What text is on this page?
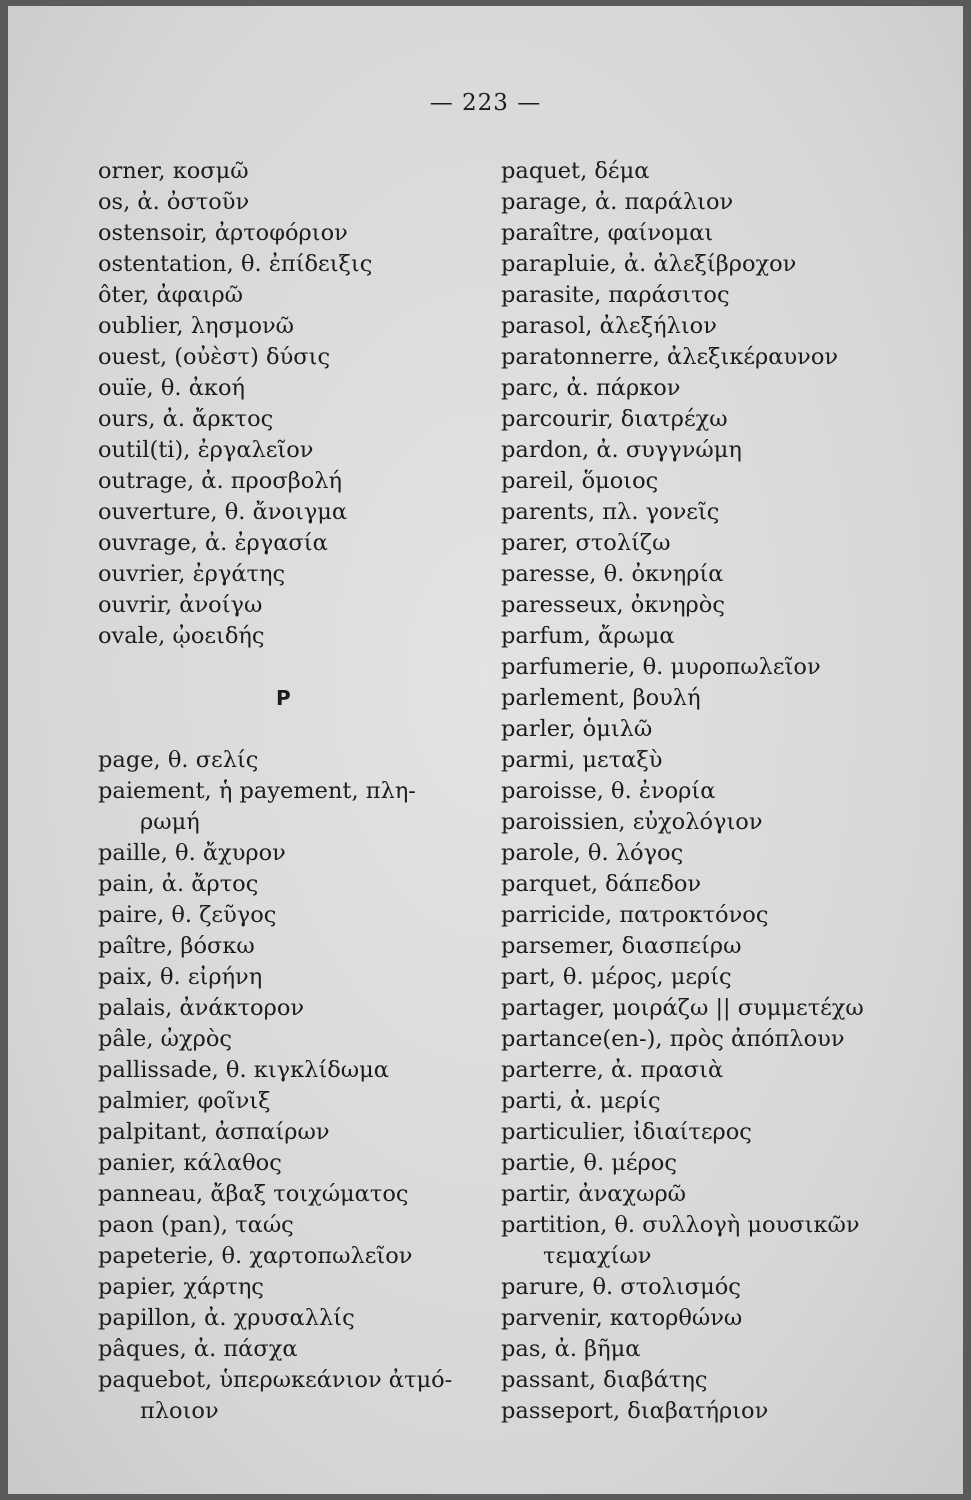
— 223 —
orner, κοσμῶ
os, ἀ. ὀστοῦν
ostensoir, ἀρτοφόριον
ostentation, θ. ἐπίδειξις
ôter, ἀφαιρῶ
oublier, λησμονῶ
ouest, (οὐὲστ) δύσις
ouïe, θ. ἀκοή
ours, ἀ. ἄρκτος
outil(ti), ἐργαλεῖον
outrage, ἀ. προσβολή
ouverture, θ. ἄνοιγμα
ouvrage, ἀ. ἐργασία
ouvrier, ἐργάτης
ouvrir, ἀνοίγω
ovale, ᾠοειδής
P
page, θ. σελίς
paiement, ἡ payement, πλη-
ρωμή
paille, θ. ἄχυρον
pain, ἀ. ἄρτος
paire, θ. ζεῦγος
paître, βόσκω
paix, θ. εἰρήνη
palais, ἀνάκτορον
pâle, ὠχρὸς
pallissade, θ. κιγκλίδωμα
palmier, φοῖνιξ
palpitant, ἀσπαίρων
panier, κάλαθος
panneau, ἄβαξ τοιχώματος
paon (pan), ταώς
papeterie, θ. χαρτοπωλεῖον
papier, χάρτης
papillon, ἀ. χρυσαλλίς
pâques, ἀ. πάσχα
paquebot, ὑπερωκεάνιον ἀτμό-
πλοιον
paquet, δέμα
parage, ἀ. παράλιον
paraître, φαίνομαι
parapluie, ἀ. ἀλεξίβροχον
parasite, παράσιτος
parasol, ἀλεξήλιον
paratonnerre, ἀλεξικέραυνον
parc, ἀ. πάρκον
parcourir, διατρέχω
pardon, ἀ. συγγνώμη
pareil, ὅμοιος
parents, πλ. γονεῖς
parer, στολίζω
paresse, θ. ὀκνηρία
paresseux, ὀκνηρὸς
parfum, ἄρωμα
parfumerie, θ. μυροπωλεῖον
parlement, βουλή
parler, ὁμιλῶ
parmi, μεταξὺ
paroisse, θ. ἐνορία
paroissien, εὐχολόγιον
parole, θ. λόγος
parquet, δάπεδον
parricide, πατροκτόνος
parsemer, διασπείρω
part, θ. μέρος, μερίς
partager, μοιράζω || συμμετέχω
partance(en-), πρὸς ἀπόπλουν
parterre, ἀ. πρασιὰ
parti, ἀ. μερίς
particulier, ἰδιαίτερος
partie, θ. μέρος
partir, ἀναχωρῶ
partition, θ. συλλογὴ μουσικῶν
τεμαχίων
parure, θ. στολισμός
parvenir, κατορθώνω
pas, ἀ. βῆμα
passant, διαβάτης
passeport, διαβατήριον
